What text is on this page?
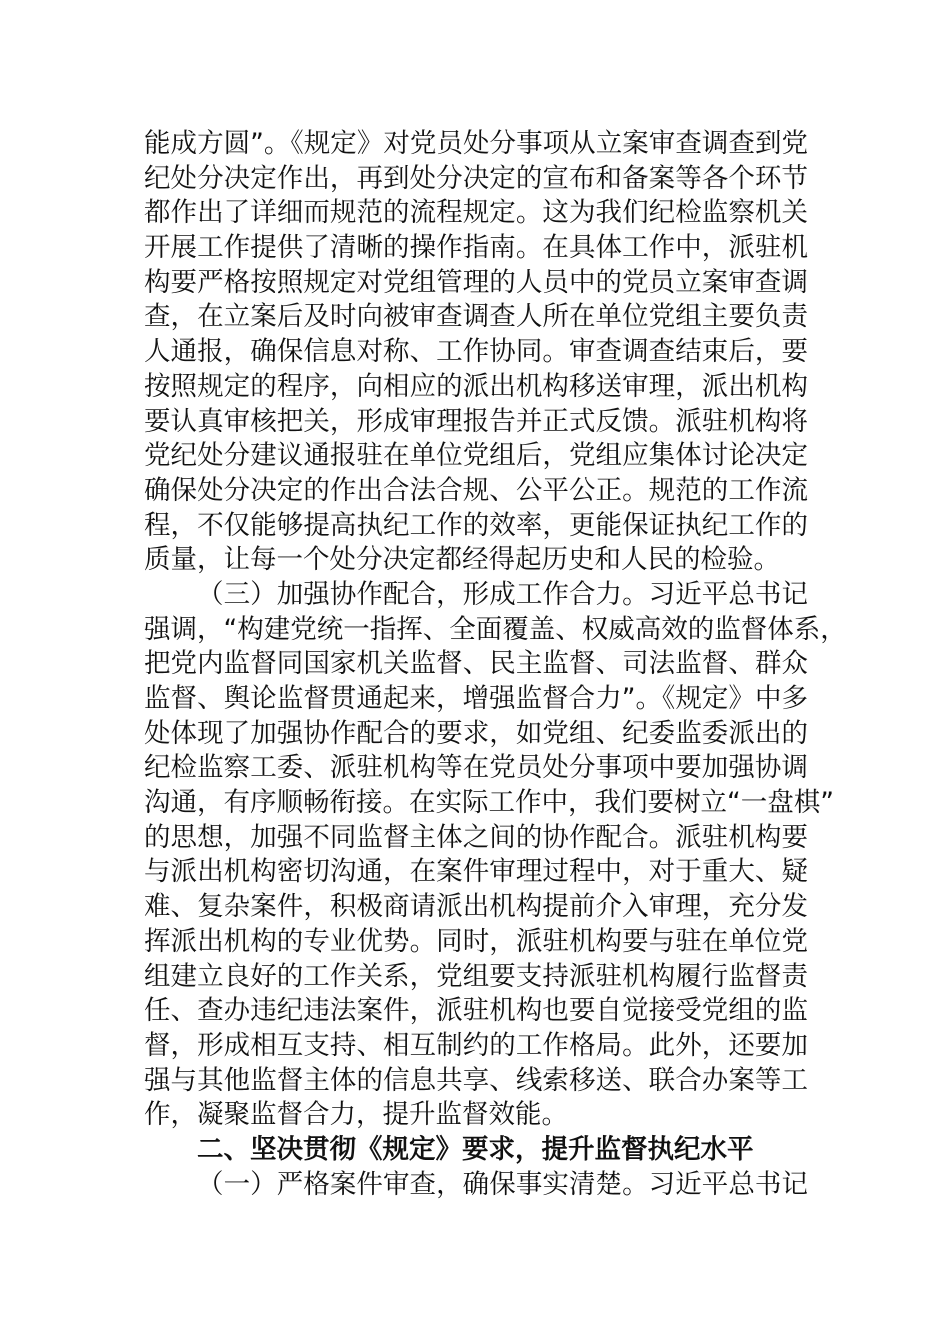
能成方圆”。《规定》对党员处分事项从立案审查调查到党
纪处分决定作出，再到处分决定的宣布和备案等各个环节
都作出了详细而规范的流程规定。这为我们纪检监察机关
开展工作提供了清晰的操作指南。在具体工作中，派驻机
构要严格按照规定对党组管理的人员中的党员立案审查调
查，在立案后及时向被审查调查人所在单位党组主要负责
人通报，确保信息对称、工作协同。审查调查结束后，要
按照规定的程序，向相应的派出机构移送审理，派出机构
要认真审核把关，形成审理报告并正式反馈。派驻机构将
党纪处分建议通报驻在单位党组后，党组应集体讨论决定
确保处分决定的作出合法合规、公平公正。规范的工作流
程，不仅能够提高执纪工作的效率，更能保证执纪工作的
质量，让每一个处分决定都经得起历史和人民的检验。
（三）加强协作配合，形成工作合力。习近平总书记
强调，“构建党统一指挥、全面覆盖、权威高效的监督体系，
把党内监督同国家机关监督、民主监督、司法监督、群众
监督、舆论监督贯通起来，增强监督合力”。《规定》中多
处体现了加强协作配合的要求，如党组、纪委监委派出的
纪检监察工委、派驻机构等在党员处分事项中要加强协调
沟通，有序顺畅衔接。在实际工作中，我们要树立“一盘棋”
的思想，加强不同监督主体之间的协作配合。派驻机构要
与派出机构密切沟通，在案件审理过程中，对于重大、疑
难、复杂案件，积极商请派出机构提前介入审理，充分发
挥派出机构的专业优势。同时，派驻机构要与驻在单位党
组建立良好的工作关系，党组要支持派驻机构履行监督责
任、查办违纪违法案件，派驻机构也要自觉接受党组的监
督，形成相互支持、相互制约的工作格局。此外，还要加
强与其他监督主体的信息共享、线索移送、联合办案等工
作，凝聚监督合力，提升监督效能。
二、坚决贯彻《规定》要求，提升监督执纪水平
（一）严格案件审查，确保事实清楚。习近平总书记
